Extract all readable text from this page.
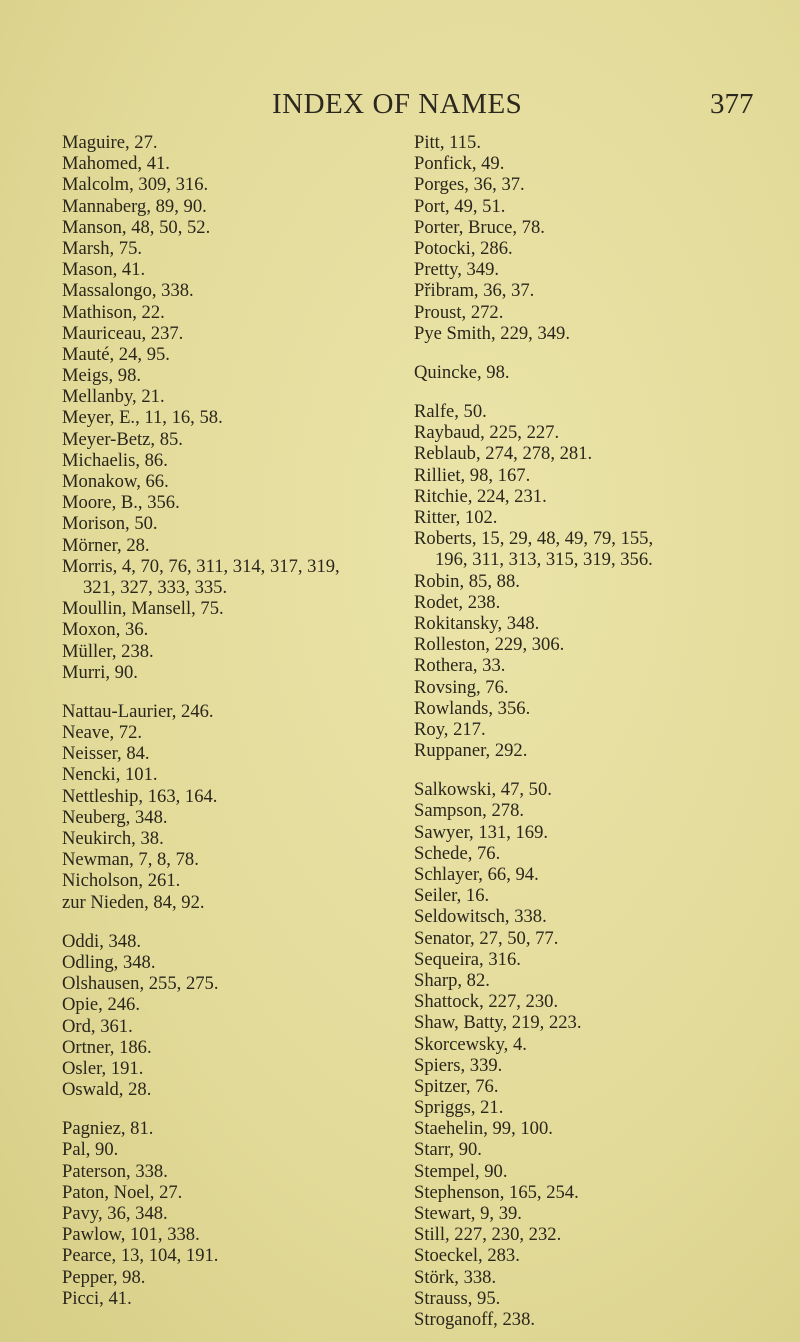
INDEX OF NAMES	377
Maguire, 27.
Mahomed, 41.
Malcolm, 309, 316.
Mannaberg, 89, 90.
Manson, 48, 50, 52.
Marsh, 75.
Mason, 41.
Massalongo, 338.
Mathison, 22.
Mauriceau, 237.
Mauté, 24, 95.
Meigs, 98.
Mellanby, 21.
Meyer, E., 11, 16, 58.
Meyer-Betz, 85.
Michaelis, 86.
Monakow, 66.
Moore, B., 356.
Morison, 50.
Mörner, 28.
Morris, 4, 70, 76, 311, 314, 317, 319,
321, 327, 333, 335.
Moullin, Mansell, 75.
Moxon, 36.
Müller, 238.
Murri, 90.
Nattau-Laurier, 246.
Neave, 72.
Neisser, 84.
Nencki, 101.
Nettleship, 163, 164.
Neuberg, 348.
Neukirch, 38.
Newman, 7, 8, 78.
Nicholson, 261.
zur Nieden, 84, 92.
Oddi, 348.
Odling, 348.
Olshausen, 255, 275.
Opie, 246.
Ord, 361.
Ortner, 186.
Osler, 191.
Oswald, 28.
Pagniez, 81.
Pal, 90.
Paterson, 338.
Paton, Noel, 27.
Pavy, 36, 348.
Pawlow, 101, 338.
Pearce, 13, 104, 191.
Pepper, 98.
Picci, 41.
Pitt, 115.
Ponfick, 49.
Porges, 36, 37.
Port, 49, 51.
Porter, Bruce, 78.
Potocki, 286.
Pretty, 349.
Přibram, 36, 37.
Proust, 272.
Pye Smith, 229, 349.
Quincke, 98.
Ralfe, 50.
Raybaud, 225, 227.
Reblaub, 274, 278, 281.
Rilliet, 98, 167.
Ritchie, 224, 231.
Ritter, 102.
Roberts, 15, 29, 48, 49, 79, 155,
196, 311, 313, 315, 319, 356.
Robin, 85, 88.
Rodet, 238.
Rokitansky, 348.
Rolleston, 229, 306.
Rothera, 33.
Rovsing, 76.
Rowlands, 356.
Roy, 217.
Ruppaner, 292.
Salkowski, 47, 50.
Sampson, 278.
Sawyer, 131, 169.
Schede, 76.
Schlayer, 66, 94.
Seiler, 16.
Seldowitsch, 338.
Senator, 27, 50, 77.
Sequeira, 316.
Sharp, 82.
Shattock, 227, 230.
Shaw, Batty, 219, 223.
Skorcewsky, 4.
Spiers, 339.
Spitzer, 76.
Spriggs, 21.
Staehelin, 99, 100.
Starr, 90.
Stempel, 90.
Stephenson, 165, 254.
Stewart, 9, 39.
Still, 227, 230, 232.
Stoeckel, 283.
Störk, 338.
Strauss, 95.
Stroganoff, 238.
